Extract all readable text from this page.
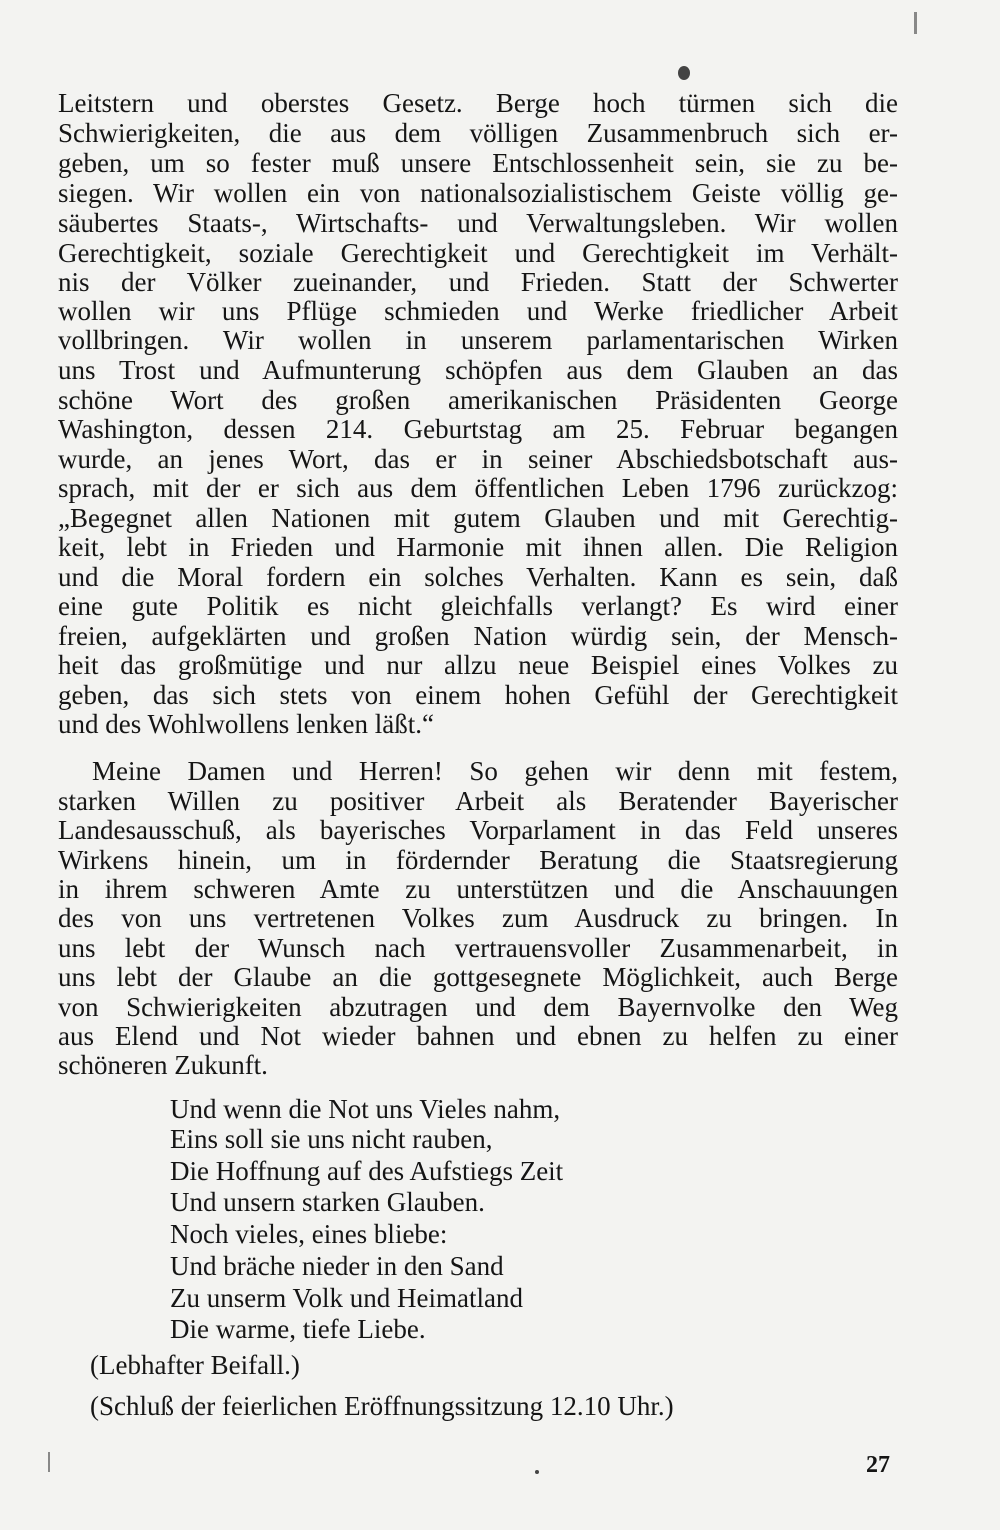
Leitstern und oberstes Gesetz. Berge hoch türmen sich die
Schwierigkeiten, die aus dem völligen Zusammenbruch sich er-
geben, um so fester muß unsere Entschlossenheit sein, sie zu be-
siegen. Wir wollen ein von nationalsozialistischem Geiste völlig ge-
säubertes Staats-, Wirtschafts- und Verwaltungsleben. Wir wollen
Gerechtigkeit, soziale Gerechtigkeit und Gerechtigkeit im Verhält-
nis der Völker zueinander, und Frieden. Statt der Schwerter
wollen wir uns Pflüge schmieden und Werke friedlicher Arbeit
vollbringen. Wir wollen in unserem parlamentarischen Wirken
uns Trost und Aufmunterung schöpfen aus dem Glauben an das
schöne Wort des großen amerikanischen Präsidenten George
Washington, dessen 214. Geburtstag am 25. Februar begangen
wurde, an jenes Wort, das er in seiner Abschiedsbotschaft aus-
sprach, mit der er sich aus dem öffentlichen Leben 1796 zurückzog:
„Begegnet allen Nationen mit gutem Glauben und mit Gerechtig-
keit, lebt in Frieden und Harmonie mit ihnen allen. Die Religion
und die Moral fordern ein solches Verhalten. Kann es sein, daß
eine gute Politik es nicht gleichfalls verlangt? Es wird einer
freien, aufgeklärten und großen Nation würdig sein, der Mensch-
heit das großmütige und nur allzu neue Beispiel eines Volkes zu
geben, das sich stets von einem hohen Gefühl der Gerechtigkeit
und des Wohlwollens lenken läßt.“
Meine Damen und Herren! So gehen wir denn mit festem,
starken Willen zu positiver Arbeit als Beratender Bayerischer
Landesausschuß, als bayerisches Vorparlament in das Feld unseres
Wirkens hinein, um in fördernder Beratung die Staatsregierung
in ihrem schweren Amte zu unterstützen und die Anschauungen
des von uns vertretenen Volkes zum Ausdruck zu bringen. In
uns lebt der Wunsch nach vertrauensvoller Zusammenarbeit, in
uns lebt der Glaube an die gottgesegnete Möglichkeit, auch Berge
von Schwierigkeiten abzutragen und dem Bayernvolke den Weg
aus Elend und Not wieder bahnen und ebnen zu helfen zu einer
schöneren Zukunft.
Und wenn die Not uns Vieles nahm,
Eins soll sie uns nicht rauben,
Die Hoffnung auf des Aufstiegs Zeit
Und unsern starken Glauben.
Noch vieles, eines bliebe:
Und bräche nieder in den Sand
Zu unserm Volk und Heimatland
Die warme, tiefe Liebe.
(Lebhafter Beifall.)
(Schluß der feierlichen Eröffnungssitzung 12.10 Uhr.)
27
